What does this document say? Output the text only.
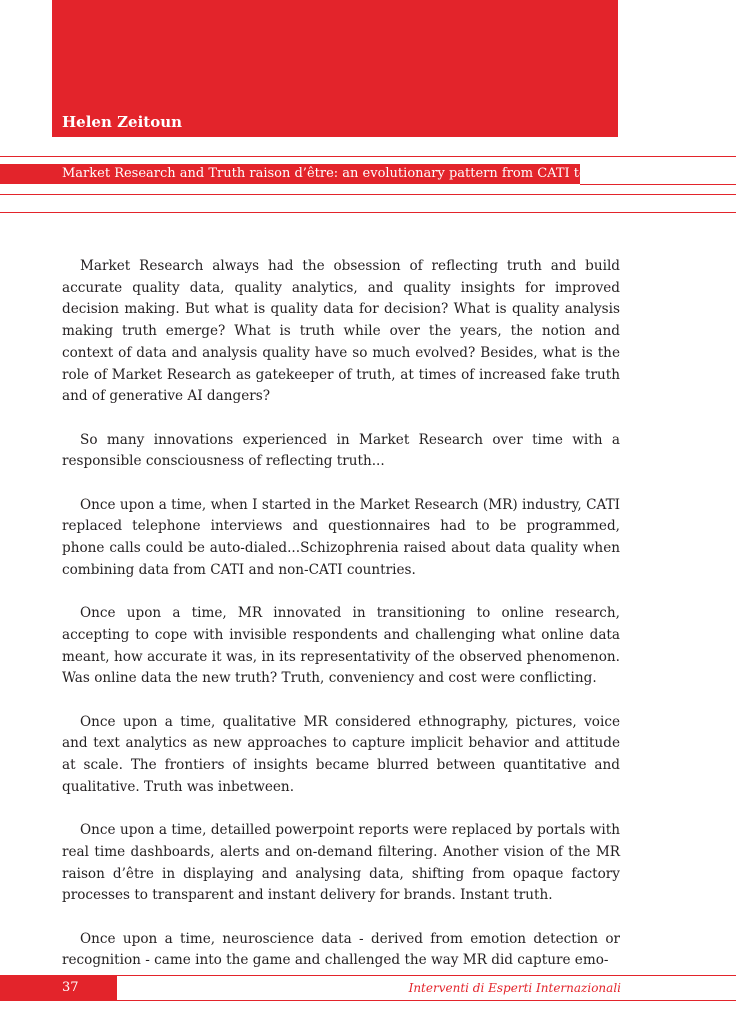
Helen Zeitoun

Market Research and Truth raison d’être: an evolutionary pattern from CATI to AI

Market Research always had the obsession of reflecting truth and build accurate quality data, quality analytics, and quality insights for improved decision making. But what is quality data for decision? What is quality analysis making truth emerge? What is truth while over the years, the notion and context of data and analysis quality have so much evolved? Besides, what is the role of Market Research as gatekeeper of truth, at times of increased fake truth and of generative AI dangers?

So many innovations experienced in Market Research over time with a responsible consciousness of reflecting truth...

Once upon a time, when I started in the Market Research (MR) industry, CATI replaced telephone interviews and questionnaires had to be programmed, phone calls could be auto-dialed...Schizophrenia raised about data quality when combining data from CATI and non-CATI countries.

Once upon a time, MR innovated in transitioning to online research, accepting to cope with invisible respondents and challenging what online data meant, how accurate it was, in its representativity of the observed phenomenon. Was online data the new truth? Truth, conveniency and cost were conflicting.

Once upon a time, qualitative MR considered ethnography, pictures, voice and text analytics as new approaches to capture implicit behavior and attitude at scale. The frontiers of insights became blurred between quantitative and qualitative. Truth was inbetween.

Once upon a time, detailled powerpoint reports were replaced by portals with real time dashboards, alerts and on-demand filtering. Another vision of the MR raison d’être in displaying and analysing data, shifting from opaque factory processes to transparent and instant delivery for brands. Instant truth.

Once upon a time, neuroscience data - derived from emotion detection or recognition - came into the game and challenged the way MR did capture emo-

37	Interventi di Esperti Internazionali
